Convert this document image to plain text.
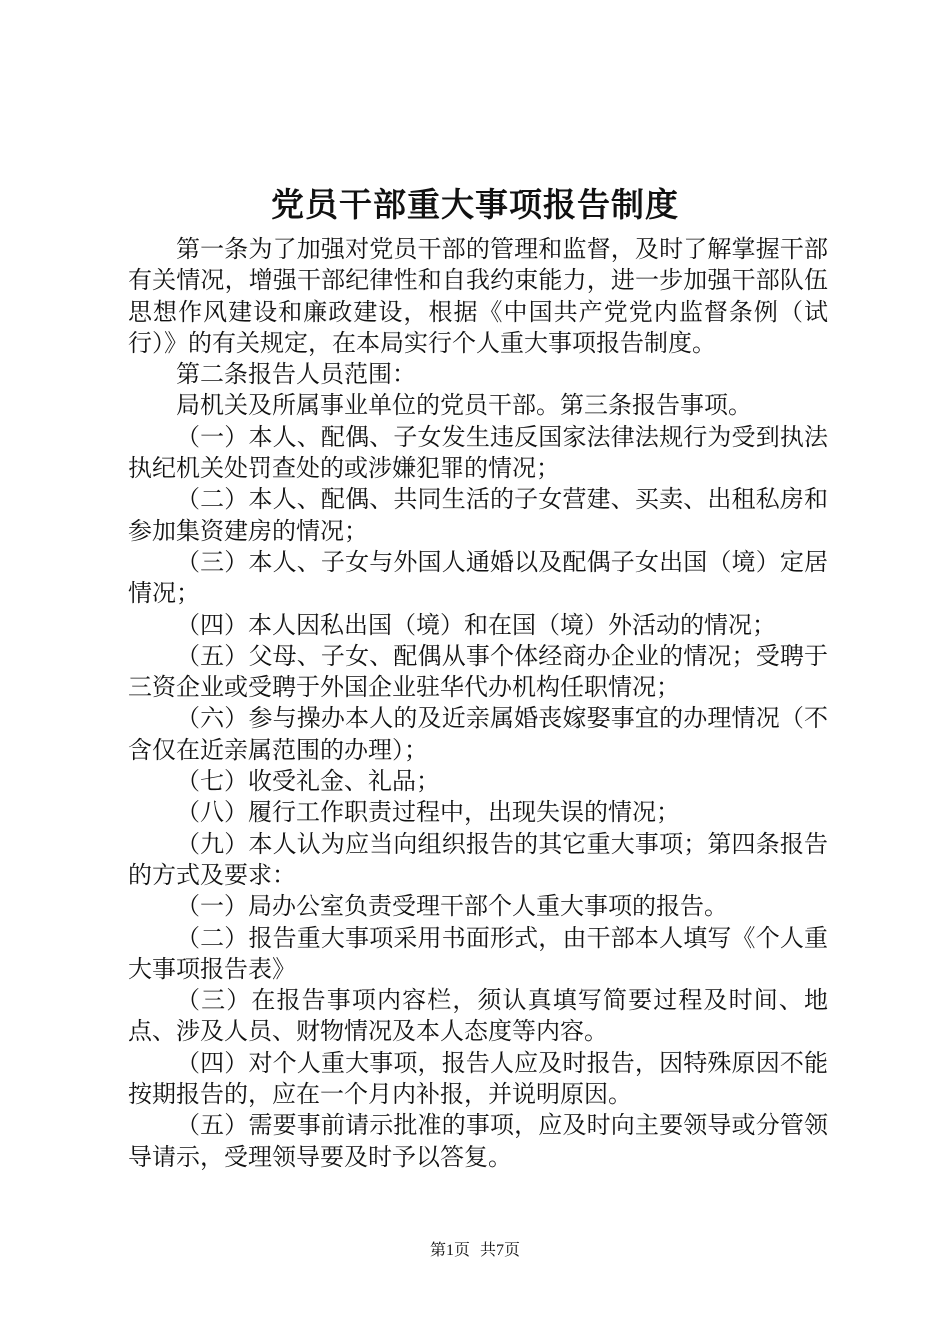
党员干部重大事项报告制度

第一条为了加强对党员干部的管理和监督，及时了解掌握干部有关情况，增强干部纪律性和自我约束能力，进一步加强干部队伍思想作风建设和廉政建设，根据《中国共产党党内监督条例（试行）》的有关规定，在本局实行个人重大事项报告制度。

第二条报告人员范围：

局机关及所属事业单位的党员干部。第三条报告事项。

（一）本人、配偶、子女发生违反国家法律法规行为受到执法执纪机关处罚查处的或涉嫌犯罪的情况；

（二）本人、配偶、共同生活的子女营建、买卖、出租私房和参加集资建房的情况；

（三）本人、子女与外国人通婚以及配偶子女出国（境）定居情况；

（四）本人因私出国（境）和在国（境）外活动的情况；

（五）父母、子女、配偶从事个体经商办企业的情况；受聘于三资企业或受聘于外国企业驻华代办机构任职情况；

（六）参与操办本人的及近亲属婚丧嫁娶事宜的办理情况（不含仅在近亲属范围的办理）；

（七）收受礼金、礼品；

（八）履行工作职责过程中，出现失误的情况；

（九）本人认为应当向组织报告的其它重大事项；第四条报告的方式及要求：

（一）局办公室负责受理干部个人重大事项的报告。

（二）报告重大事项采用书面形式，由干部本人填写《个人重大事项报告表》

（三）在报告事项内容栏，须认真填写简要过程及时间、地点、涉及人员、财物情况及本人态度等内容。

（四）对个人重大事项，报告人应及时报告，因特殊原因不能按期报告的，应在一个月内补报，并说明原因。

（五）需要事前请示批准的事项，应及时向主要领导或分管领导请示，受理领导要及时予以答复。

第1页 共7页
